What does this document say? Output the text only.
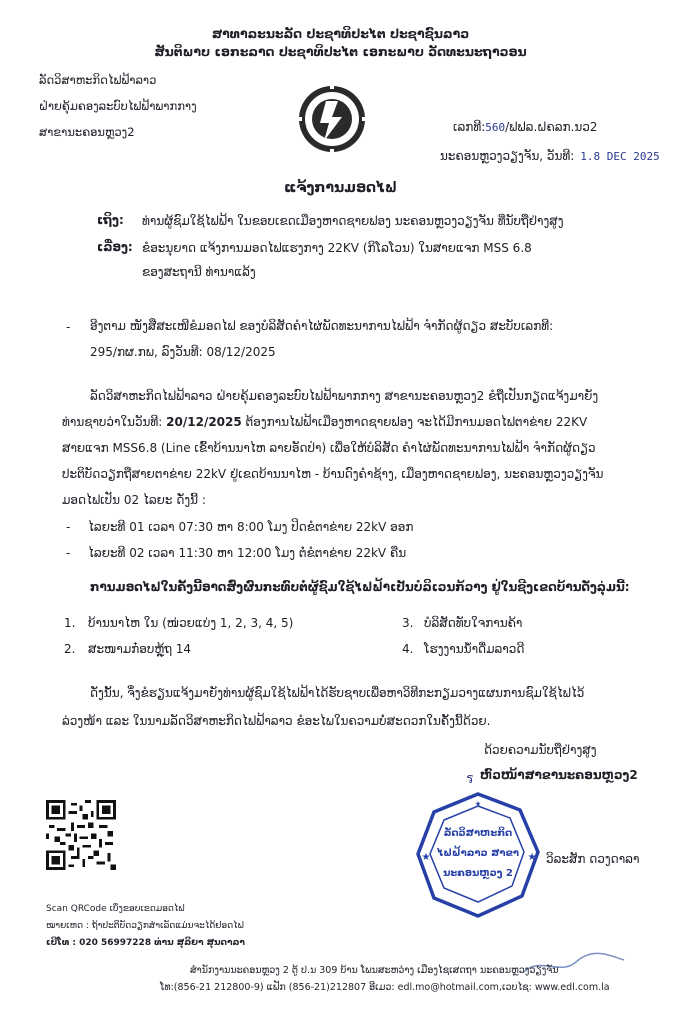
ສາທາລະນະລັດ ປະຊາທິປະໄຕ ປະຊາຊົນລາວ
ສັນຕິພາບ ເອກະລາດ ປະຊາທິປະໄຕ ເອກະພາບ ວັດທະນະຖາວອນ
ລັດວິສາຫະກິດໄຟຟ້າລາວ
ຝ່າຍຄຸ້ມຄອງລະບົບໄຟຟ້າພາກກາງ
ສາຂານະຄອນຫຼວງ2	ເລກທີ:560/ຟຟລ.ຝຄລກ.ນວ2
ນະຄອນຫຼວງວຽງຈັນ, ວັນທີ: 1.8 DEC 2025
ແຈ້ງການມອດໄຟ
ເຖິງ: ທ່ານຜູ້ຊົມໃຊ້ໄຟຟ້າ ໃນຂອບເຂດເມືອງຫາດຊາຍຟອງ ນະຄອນຫຼວງວຽງຈັນ ທີ່ນັບຖືຢ່າງສູງ
ເລື່ອງ: ຂໍອະນຸຍາດ ແຈ້ງການມອດໄຟແຮງກາງ 22KV (ກິໂລໂວນ) ໃນສາຍແຈກ MSS 6.8
ຂອງສະຖານີ ທ່ານາແລ້ງ
- ອີງຕາມ ໜັງສືສະເໜີຂໍມອດໄຟ ຂອງບໍລິສັດຄໍາໄຜ່ພັດທະນາການໄຟຟ້າ ຈໍາກັດຜູ້ດຽວ ສະບັບເລກທີ:
295/ກຜ.ກພ, ລົງວັນທີ: 08/12/2025
ລັດວິສາຫະກິດໄຟຟ້າລາວ ຝ່າຍຄຸ້ມຄອງລະບົບໄຟຟ້າພາກກາງ ສາຂານະຄອນຫຼວງ2 ຂໍຖືເປັນກຽດແຈ້ງມາຍັງ
ທ່ານຊາບວ່າໃນວັນທີ: 20/12/2025 ຕ້ອງການໄຟຟ້າເມືອງຫາດຊາຍຟອງ ຈະໄດ້ມີການມອດໄຟຕາຂ່າຍ 22KV
ສາຍແຈກ MSS6.8 (Line ເຂົ້າບ້ານນາໄຫ ລາຍອັດປ່າ) ເພື່ອໃຫ້ບໍລິສັດ ຄໍາໄຜ່ພັດທະນາການໄຟຟ້າ ຈໍາກັດຜູ້ດຽວ
ປະຕິບັດວຽກຖືສາຍຕາຂ່າຍ 22kV ຢູ່ເຂດບ້ານນາໄຫ - ບ້ານດົງຄໍາຊ້າງ, ເມືອງຫາດຊາຍຟອງ, ນະຄອນຫຼວງວຽງຈັນ
ມອດໄຟເປັນ 02 ໄລຍະ ດັ່ງນີ້ :
- ໄລຍະທີ 01 ເວລາ 07:30 ຫາ 8:00 ໂມງ ປິດຂໍຕາຂ່າຍ 22kV ອອກ
- ໄລຍະທີ 02 ເວລາ 11:30 ຫາ 12:00 ໂມງ ຕໍ່ຂໍຕາຂ່າຍ 22kV ຄືນ
ການມອດໄຟໃນຄັ້ງນີ້ອາດສົ່ງຜົນກະທົບຕໍ່ຜູ້ຊົມໃຊ້ໄຟຟ້າເປັນບໍລິເວນກ້ວາງ ຢູ່ໃນຊີງເຂດບ້ານດັ່ງລຸ່ມນີ້:
1. ບ້ານນາໄຫ ໃນ (ໜ່ວຍແບ່ງ 1, 2, 3, 4, 5)
2. ສະໜາມກ໋ອບຫຼຸ້ຖ 14
3. ບໍລິສັດທັບໃຈການຄ້າ
4. ໂຮງງານນ້ຳດື່ມລາວດີ
ດັ່ງນັ້ນ, ຈຶ່ງຂໍຮຽນແຈ້ງມາຍັງທ່ານຜູ້ຊົມໃຊ້ໄຟຟ້າໄດ້ຮັບຊາບເພື່ອຫາວິທີກະກຽມວາງແຜນການຊົມໃຊ້ໄຟໄວ້
ລ່ວງໜ້າ ແລະ ໃນນາມລັດວິສາຫະກິດໄຟຟ້າລາວ ຂໍອະໄພໃນຄວາມບໍ່ສະດວກໃນຄັ້ງນີ້ດ້ວຍ.
ດ້ວຍຄວາມນັບຖືຢ່າງສູງ
ร ຫົວໜ້າສາຂານະຄອນຫຼວງ2
★
★	★
ລັດວິສາຫະກິດ
ໄຟຟ້າລາວ ສາຂາ
ນະຄອນຫຼວງ 2
ວິລະສັກ ດວງດາລາ
Scan QRCode ເບິ່ງຂອບເຂດມອດໄຟ
ໝາຍເຫດ : ຖ້າປະຕິບັດວຽກສໍາເລັດແມ່ນຈະໄດ້ຢອດໄຟ
ເບີໂທ : 020 56997228 ທ່ານ ສຸລິຍາ ສຸນດາລາ
ສໍານັກງານນະຄອນຫຼວງ 2 ຕູ້ ປ.ນ 309 ບ້ານ ໂພນສະຫວ່າງ ເມືອງໄຊເສດຖາ ນະຄອນຫຼວງວຽງຈັນ
ໂທ:(856-21 212800-9) ແຟັກ (856-21)212807 ອີເມວ: edl.mo@hotmail.com,ເວບໄຊ: www.edl.com.la
